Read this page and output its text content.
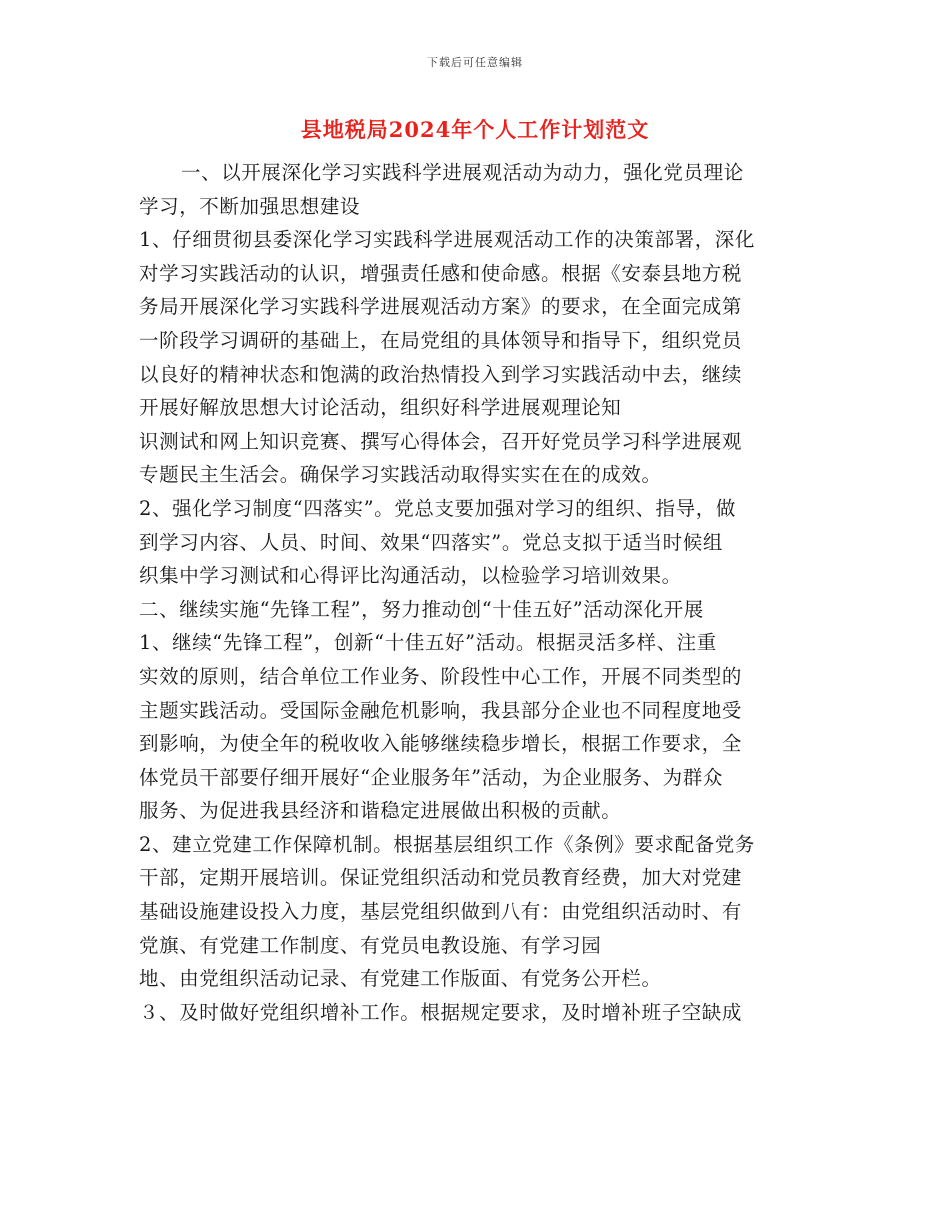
下载后可任意编辑
县地税局2024年个人工作计划范文
一、以开展深化学习实践科学进展观活动为动力，强化党员理论
学习，不断加强思想建设
1、仔细贯彻县委深化学习实践科学进展观活动工作的决策部署，深化
对学习实践活动的认识，增强责任感和使命感。根据《安泰县地方税
务局开展深化学习实践科学进展观活动方案》的要求，在全面完成第
一阶段学习调研的基础上，在局党组的具体领导和指导下，组织党员
以良好的精神状态和饱满的政治热情投入到学习实践活动中去，继续
开展好解放思想大讨论活动，组织好科学进展观理论知
识测试和网上知识竞赛、撰写心得体会，召开好党员学习科学进展观
专题民主生活会。确保学习实践活动取得实实在在的成效。
2、强化学习制度“四落实”。党总支要加强对学习的组织、指导，做
到学习内容、人员、时间、效果“四落实”。党总支拟于适当时候组
织集中学习测试和心得评比沟通活动，以检验学习培训效果。
二、继续实施“先锋工程”，努力推动创“十佳五好”活动深化开展
1、继续“先锋工程”，创新“十佳五好”活动。根据灵活多样、注重
实效的原则，结合单位工作业务、阶段性中心工作，开展不同类型的
主题实践活动。受国际金融危机影响，我县部分企业也不同程度地受
到影响，为使全年的税收收入能够继续稳步增长，根据工作要求，全
体党员干部要仔细开展好“企业服务年”活动，为企业服务、为群众
服务、为促进我县经济和谐稳定进展做出积极的贡献。
2、建立党建工作保障机制。根据基层组织工作《条例》要求配备党务
干部，定期开展培训。保证党组织活动和党员教育经费，加大对党建
基础设施建设投入力度，基层党组织做到八有：由党组织活动时、有
党旗、有党建工作制度、有党员电教设施、有学习园
地、由党组织活动记录、有党建工作版面、有党务公开栏。
３、及时做好党组织增补工作。根据规定要求，及时增补班子空缺成
